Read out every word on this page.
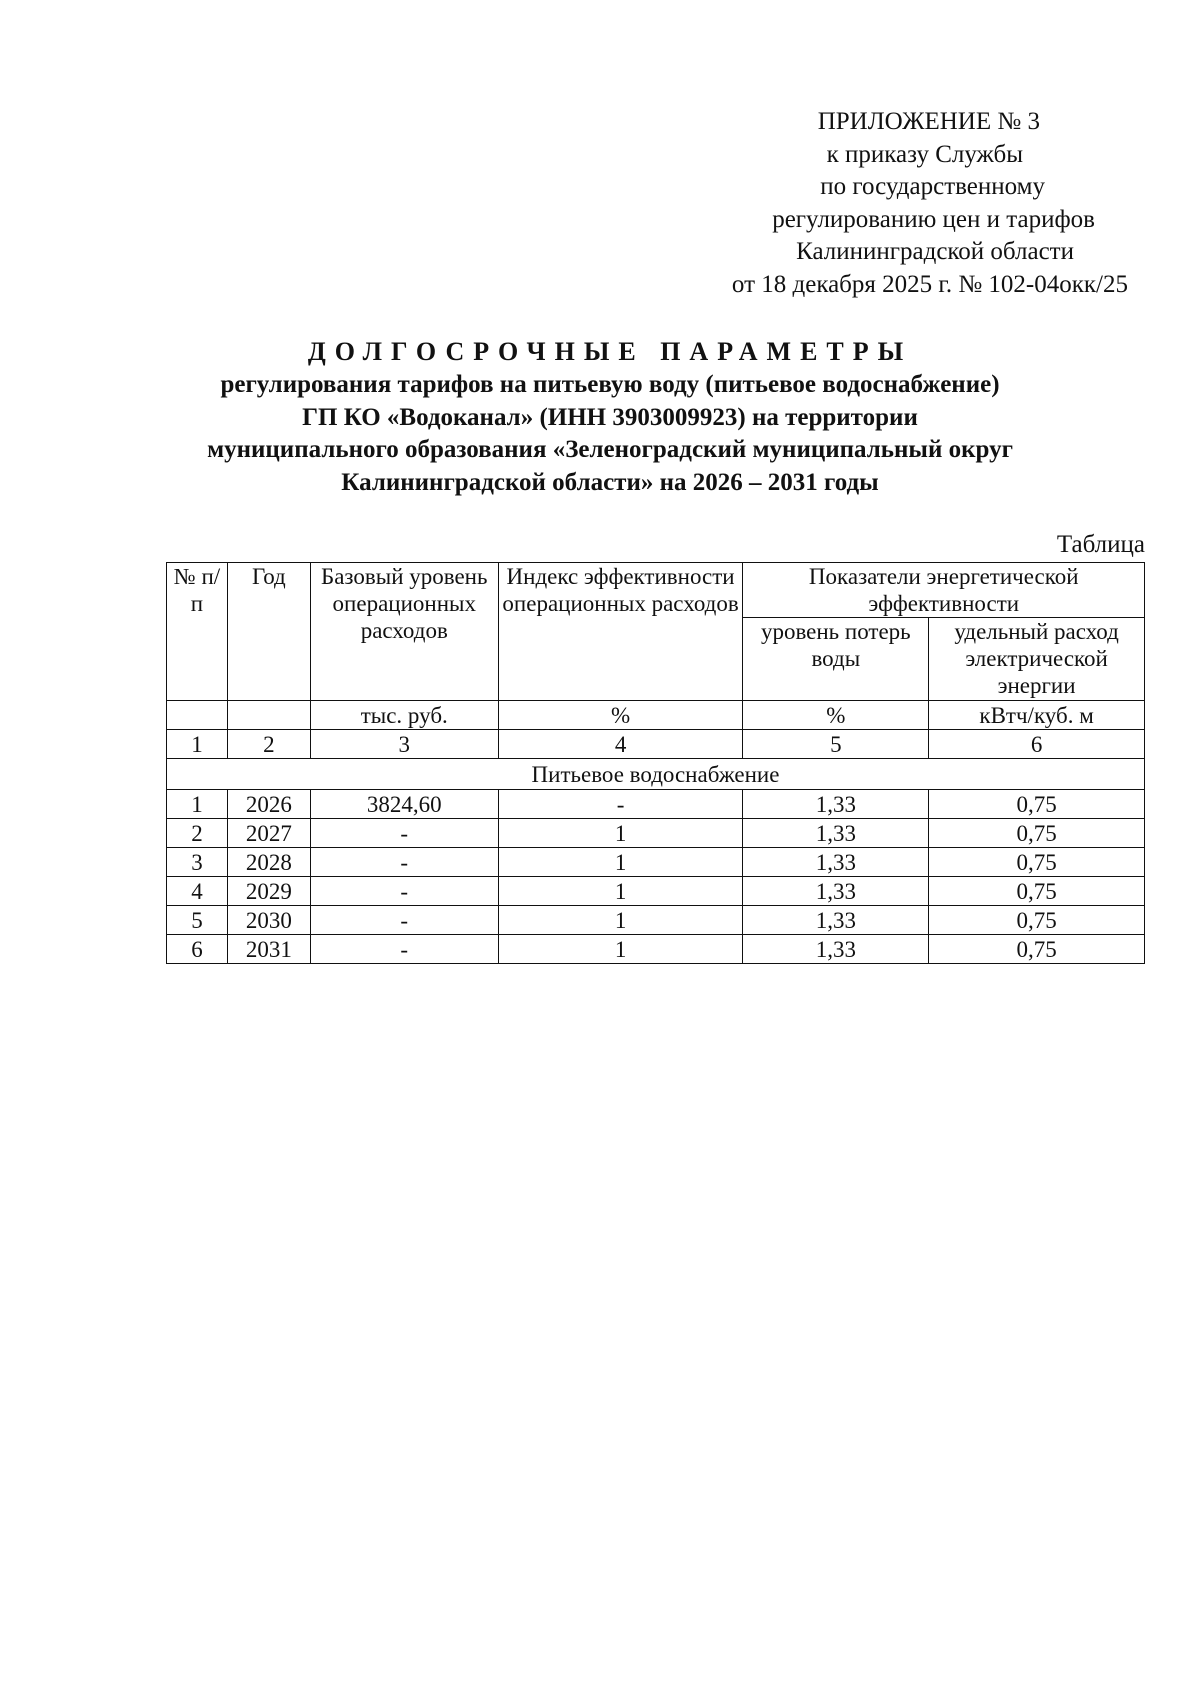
ПРИЛОЖЕНИЕ № 3
к приказу Службы
по государственному
регулированию цен и тарифов
Калининградской области
от 18 декабря 2025 г. № 102-04окк/25
ДОЛГОСРОЧНЫЕ ПАРАМЕТРЫ
регулирования тарифов на питьевую воду (питьевое водоснабжение)
ГП КО «Водоканал» (ИНН 3903009923) на территории
муниципального образования «Зеленоградский муниципальный округ
Калининградской области» на 2026 – 2031 годы
Таблица
№ п/п	Год	Базовый уровень операционных расходов	Индекс эффективности операционных расходов	Показатели энергетической эффективности	
				уровень потерь воды	удельный расход электрической энергии
		тыс. руб.	%	%	кВтч/куб. м
1	2	3	4	5	6
Питьевое водоснабжение					
1	2026	3824,60	-	1,33	0,75
2	2027	-	1	1,33	0,75
3	2028	-	1	1,33	0,75
4	2029	-	1	1,33	0,75
5	2030	-	1	1,33	0,75
6	2031	-	1	1,33	0,75
